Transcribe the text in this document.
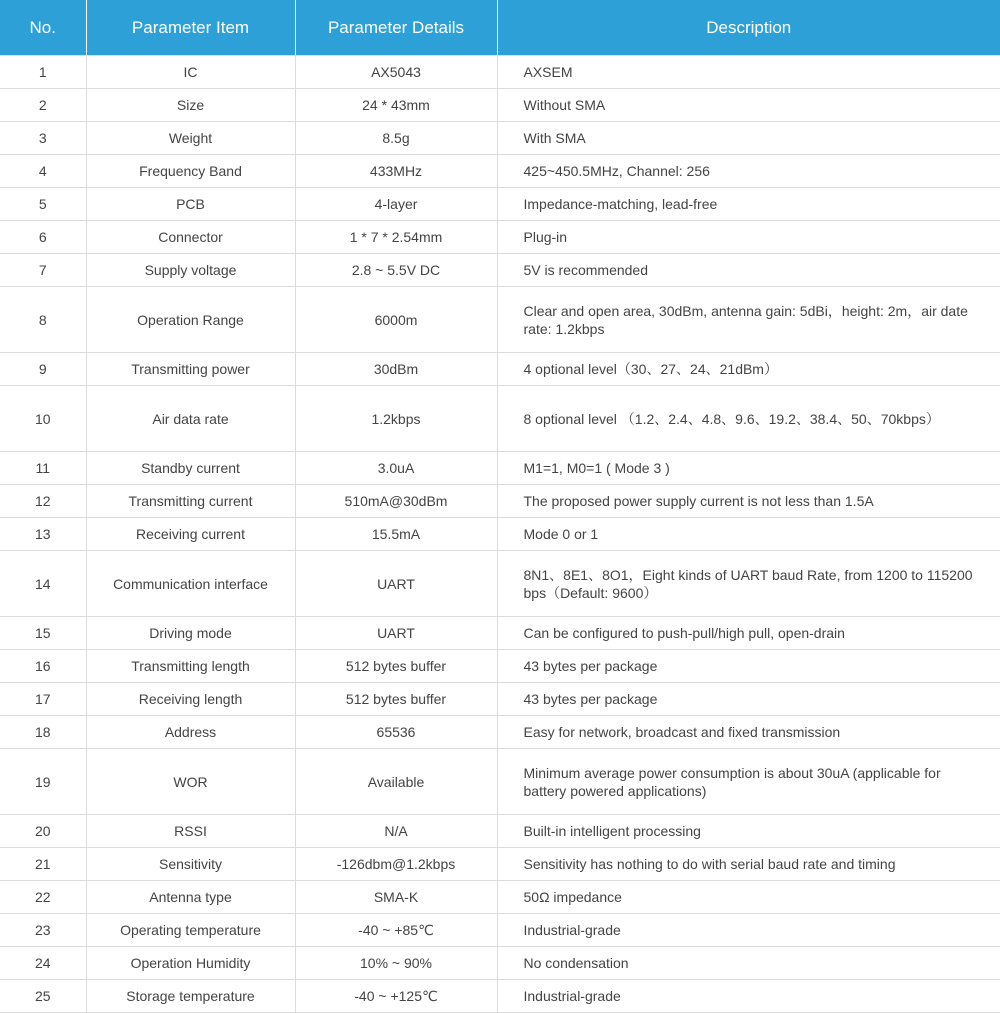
No.	Parameter Item	Parameter Details	Description
1	IC	AX5043	AXSEM
2	Size	24 * 43mm	Without SMA
3	Weight	8.5g	With SMA
4	Frequency Band	433MHz	425~450.5MHz, Channel: 256
5	PCB	4-layer	Impedance-matching, lead-free
6	Connector	1 * 7 * 2.54mm	Plug-in
7	Supply voltage	2.8 ~ 5.5V DC	5V is recommended
8	Operation Range	6000m	Clear and open area, 30dBm, antenna gain: 5dBi，height: 2m，air date rate: 1.2kbps
9	Transmitting power	30dBm	4 optional level（30、27、24、21dBm）
10	Air data rate	1.2kbps	8 optional level （1.2、2.4、4.8、9.6、19.2、38.4、50、70kbps）
11	Standby current	3.0uA	M1=1, M0=1 ( Mode 3 )
12	Transmitting current	510mA@30dBm	The proposed power supply current is not less than 1.5A
13	Receiving current	15.5mA	Mode 0 or 1
14	Communication interface	UART	8N1、8E1、8O1，Eight kinds of UART baud Rate, from 1200 to 115200 bps（Default: 9600）
15	Driving mode	UART	Can be configured to push-pull/high pull, open-drain
16	Transmitting length	512 bytes buffer	43 bytes per package
17	Receiving length	512 bytes buffer	43 bytes per package
18	Address	65536	Easy for network, broadcast and fixed transmission
19	WOR	Available	Minimum average power consumption is about 30uA (applicable for battery powered applications)
20	RSSI	N/A	Built-in intelligent processing
21	Sensitivity	-126dbm@1.2kbps	Sensitivity has nothing to do with serial baud rate and timing
22	Antenna type	SMA-K	50Ω impedance
23	Operating temperature	-40 ~ +85℃	Industrial-grade
24	Operation Humidity	10% ~ 90%	No condensation
25	Storage temperature	-40 ~ +125℃	Industrial-grade
